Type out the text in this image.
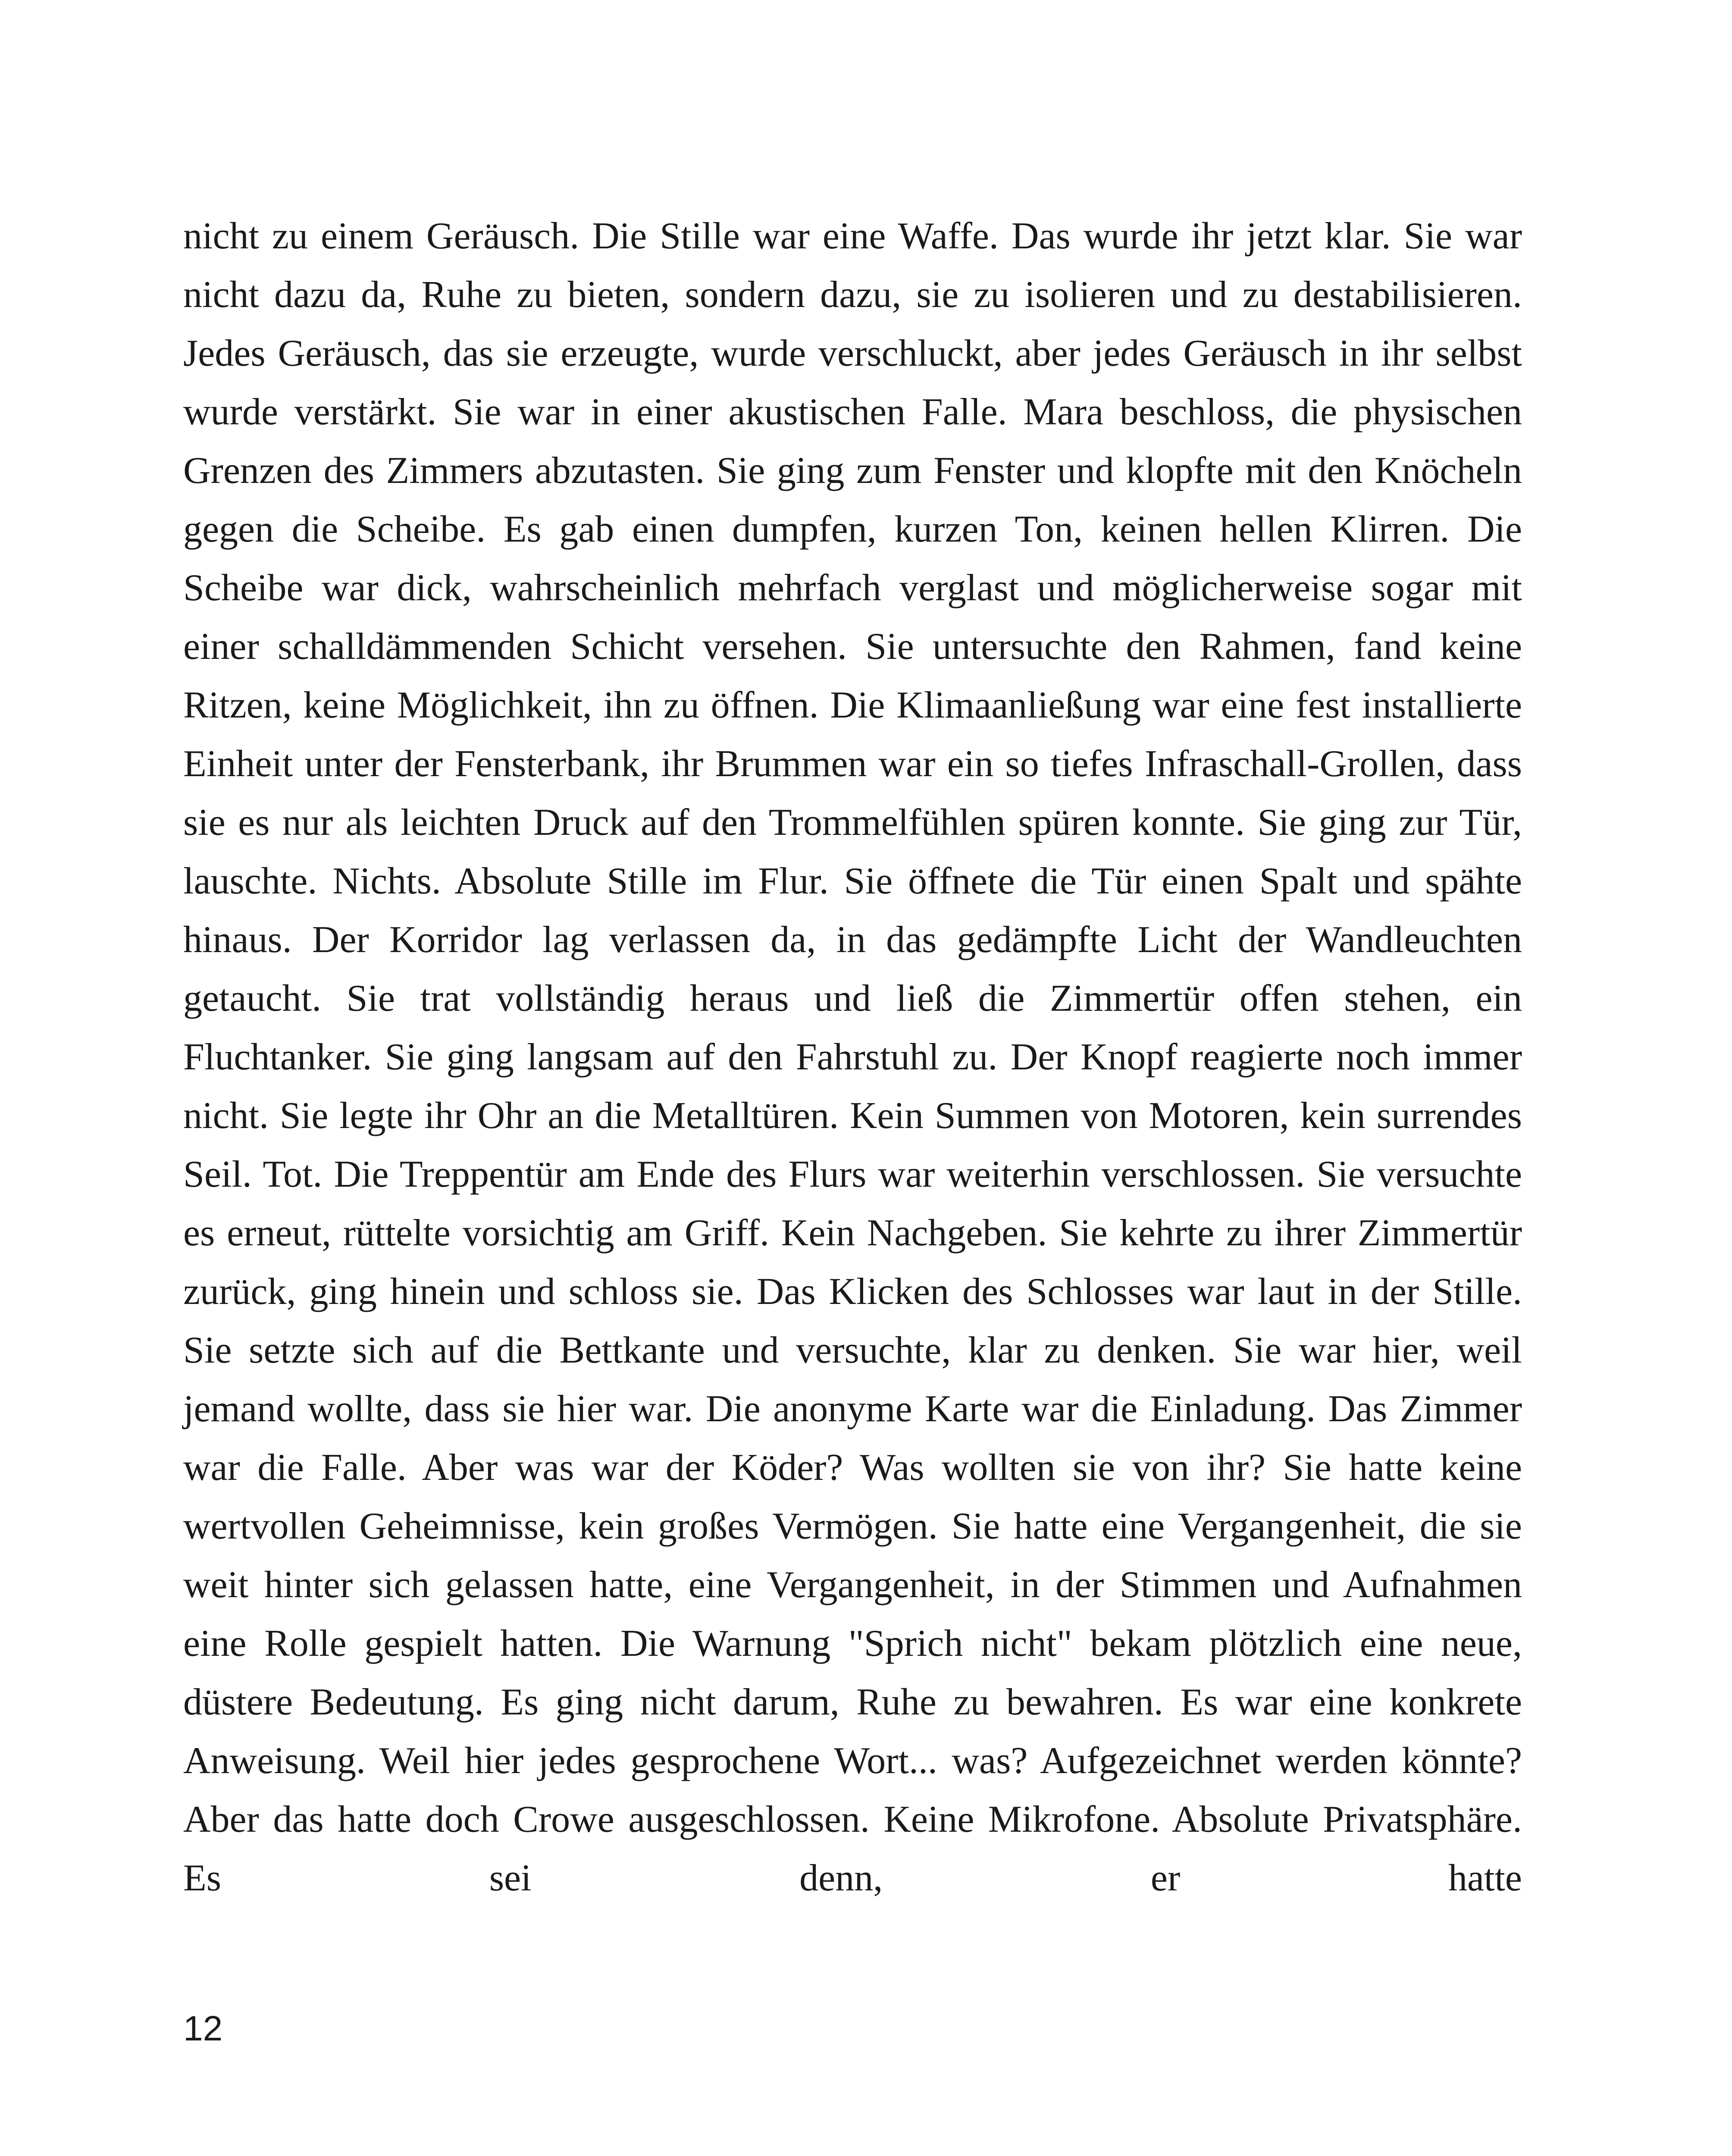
nicht zu einem Geräusch. Die Stille war eine Waffe. Das wurde ihr jetzt klar. Sie war nicht dazu da, Ruhe zu bieten, sondern dazu, sie zu isolieren und zu destabilisieren. Jedes Geräusch, das sie erzeugte, wurde verschluckt, aber jedes Geräusch in ihr selbst wurde verstärkt. Sie war in einer akustischen Falle. Mara beschloss, die physischen Grenzen des Zimmers abzutasten. Sie ging zum Fenster und klopfte mit den Knöcheln gegen die Scheibe. Es gab einen dumpfen, kurzen Ton, keinen hellen Klirren. Die Scheibe war dick, wahrscheinlich mehrfach verglast und möglicherweise sogar mit einer schalldämmenden Schicht versehen. Sie untersuchte den Rahmen, fand keine Ritzen, keine Möglichkeit, ihn zu öffnen. Die Klimaanließung war eine fest installierte Einheit unter der Fensterbank, ihr Brummen war ein so tiefes Infraschall-Grollen, dass sie es nur als leichten Druck auf den Trommelfühlen spüren konnte. Sie ging zur Tür, lauschte. Nichts. Absolute Stille im Flur. Sie öffnete die Tür einen Spalt und spähte hinaus. Der Korridor lag verlassen da, in das gedämpfte Licht der Wandleuchten getaucht. Sie trat vollständig heraus und ließ die Zimmertür offen stehen, ein Fluchtanker. Sie ging langsam auf den Fahrstuhl zu. Der Knopf reagierte noch immer nicht. Sie legte ihr Ohr an die Metalltüren. Kein Summen von Motoren, kein surrendes Seil. Tot. Die Treppentür am Ende des Flurs war weiterhin verschlossen. Sie versuchte es erneut, rüttelte vorsichtig am Griff. Kein Nachgeben. Sie kehrte zu ihrer Zimmertür zurück, ging hinein und schloss sie. Das Klicken des Schlosses war laut in der Stille. Sie setzte sich auf die Bettkante und versuchte, klar zu denken. Sie war hier, weil jemand wollte, dass sie hier war. Die anonyme Karte war die Einladung. Das Zimmer war die Falle. Aber was war der Köder? Was wollten sie von ihr? Sie hatte keine wertvollen Geheimnisse, kein großes Vermögen. Sie hatte eine Vergangenheit, die sie weit hinter sich gelassen hatte, eine Vergangenheit, in der Stimmen und Aufnahmen eine Rolle gespielt hatten. Die Warnung "Sprich nicht" bekam plötzlich eine neue, düstere Bedeutung. Es ging nicht darum, Ruhe zu bewahren. Es war eine konkrete Anweisung. Weil hier jedes gesprochene Wort... was? Aufgezeichnet werden könnte? Aber das hatte doch Crowe ausgeschlossen. Keine Mikrofone. Absolute Privatsphäre. Es sei denn, er hatte

12
